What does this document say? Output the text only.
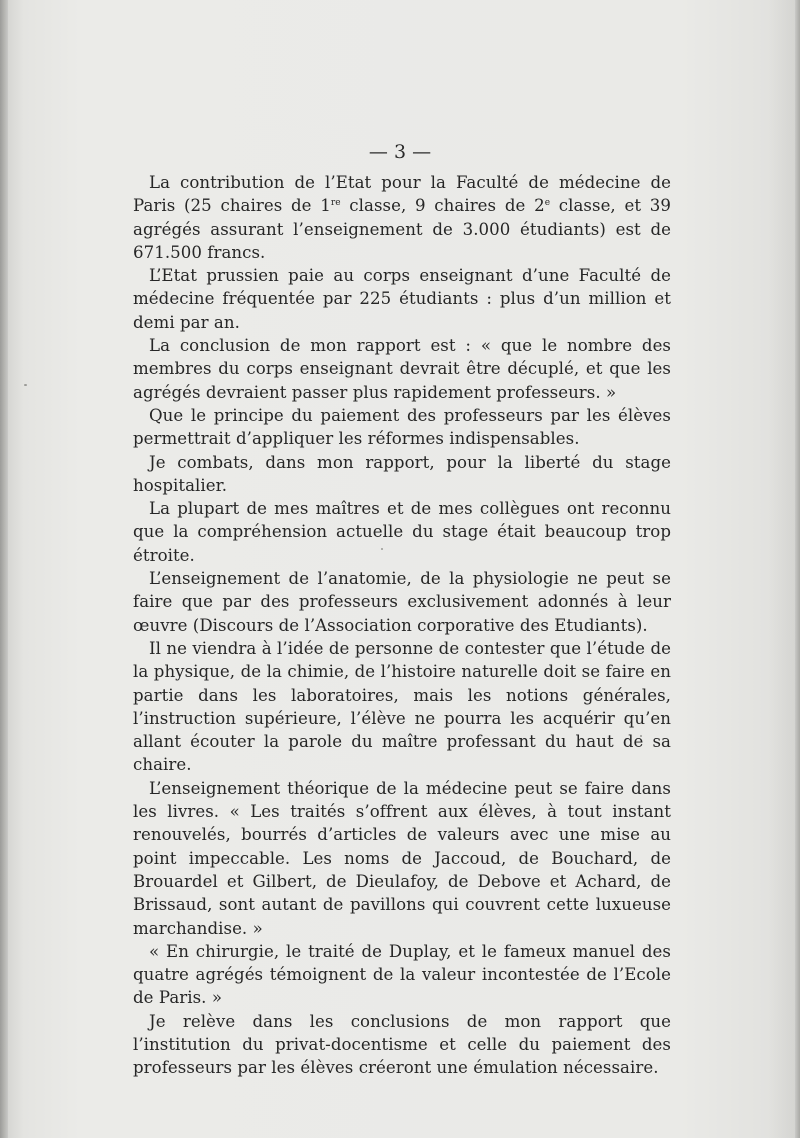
— 3 —

La contribution de l’Etat pour la Faculté de médecine de Paris (25 chaires de 1re classe, 9 chaires de 2e classe, et 39 agrégés assurant l’enseignement de 3.000 étudiants) est de 671.500 francs.

L’Etat prussien paie au corps enseignant d’une Faculté de médecine fréquentée par 225 étudiants : plus d’un million et demi par an.

La conclusion de mon rapport est : « que le nombre des membres du corps enseignant devrait être décuplé, et que les agrégés devraient passer plus rapidement professeurs. »

Que le principe du paiement des professeurs par les élèves permettrait d’appliquer les réformes indispensables.

Je combats, dans mon rapport, pour la liberté du stage hospitalier.

La plupart de mes maîtres et de mes collègues ont reconnu que la compréhension actuelle du stage était beaucoup trop étroite.

L’enseignement de l’anatomie, de la physiologie ne peut se faire que par des professeurs exclusivement adonnés à leur œuvre (Discours de l’Association corporative des Etudiants).

Il ne viendra à l’idée de personne de contester que l’étude de la physique, de la chimie, de l’histoire naturelle doit se faire en partie dans les laboratoires, mais les notions générales, l’instruction supérieure, l’élève ne pourra les acquérir qu’en allant écouter la parole du maître professant du haut de sa chaire.

L’enseignement théorique de la médecine peut se faire dans les livres. « Les traités s’offrent aux élèves, à tout instant renouvelés, bourrés d’articles de valeurs avec une mise au point impeccable. Les noms de Jaccoud, de Bouchard, de Brouardel et Gilbert, de Dieulafoy, de Debove et Achard, de Brissaud, sont autant de pavillons qui couvrent cette luxueuse marchandise. »

« En chirurgie, le traité de Duplay, et le fameux manuel des quatre agrégés témoignent de la valeur incontestée de l’Ecole de Paris. »

Je relève dans les conclusions de mon rapport que l’institution du privat-docentisme et celle du paiement des professeurs par les élèves créeront une émulation nécessaire.
